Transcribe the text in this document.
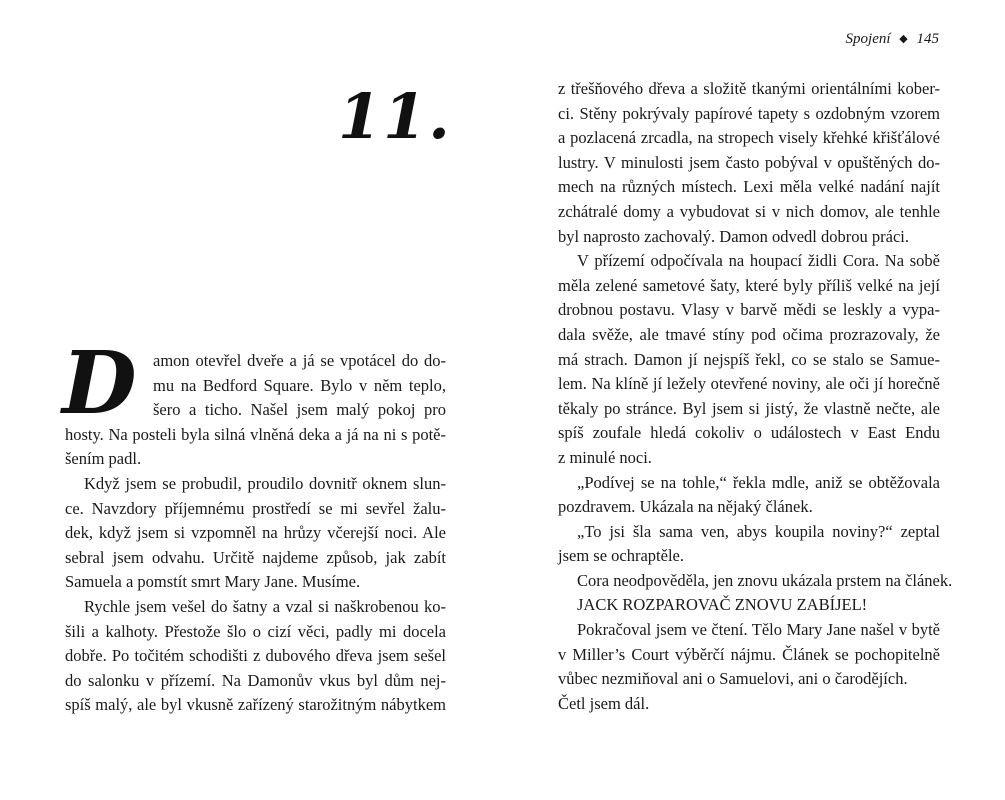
11.
D amon otevřel dveře a já se vpotácel do do-
mu na Bedford Square. Bylo v něm teplo,
šero a ticho. Našel jsem malý pokoj pro
hosty. Na posteli byla silná vlněná deka a já na ni s potě-
šením padl.
Když jsem se probudil, proudilo dovnitř oknem slun-
ce. Navzdory příjemnému prostředí se mi sevřel žalu-
dek, když jsem si vzpomněl na hrůzy včerejší noci. Ale
sebral jsem odvahu. Určitě najdeme způsob, jak zabít
Samuela a pomstít smrt Mary Jane. Musíme.
Rychle jsem vešel do šatny a vzal si naškrobenou ko-
šili a kalhoty. Přestože šlo o cizí věci, padly mi docela
dobře. Po točitém schodišti z dubového dřeva jsem sešel
do salonku v přízemí. Na Damonův vkus byl dům nej-
spíš malý, ale byl vkusně zařízený starožitným nábytkem
Spojení ◆ 145
z třešňového dřeva a složitě tkanými orientálními kober-
ci. Stěny pokrývaly papírové tapety s ozdobným vzorem
a pozlacená zrcadla, na stropech visely křehké křišťálové
lustry. V minulosti jsem často pobýval v opuštěných do-
mech na různých místech. Lexi měla velké nadání najít
zchátralé domy a vybudovat si v nich domov, ale tenhle
byl naprosto zachovalý. Damon odvedl dobrou práci.
V přízemí odpočívala na houpací židli Cora. Na sobě
měla zelené sametové šaty, které byly příliš velké na její
drobnou postavu. Vlasy v barvě mědi se leskly a vypa-
dala svěže, ale tmavé stíny pod očima prozrazovaly, že
má strach. Damon jí nejspíš řekl, co se stalo se Samue-
lem. Na klíně jí ležely otevřené noviny, ale oči jí horečně
těkaly po stránce. Byl jsem si jistý, že vlastně nečte, ale
spíš zoufale hledá cokoliv o událostech v East Endu
z minulé noci.
„Podívej se na tohle,“ řekla mdle, aniž se obtěžovala
pozdravem. Ukázala na nějaký článek.
„To jsi šla sama ven, abys koupila noviny?“ zeptal
jsem se ochraptěle.
Cora neodpověděla, jen znovu ukázala prstem na článek.
JACK ROZPAROVAČ ZNOVU ZABÍJEL!
Pokračoval jsem ve čtení. Tělo Mary Jane našel v bytě
v Miller’s Court výběrčí nájmu. Článek se pochopitelně
vůbec nezmiňoval ani o Samuelovi, ani o čarodějích.
Četl jsem dál.
